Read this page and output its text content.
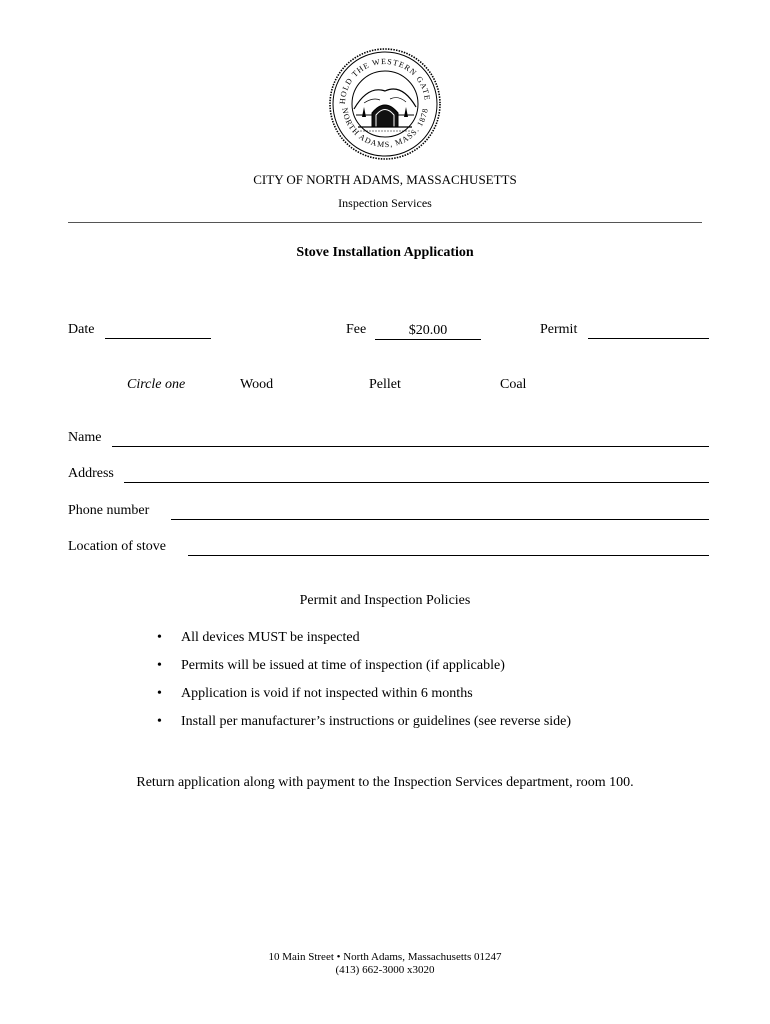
HOLD THE WESTERN GATE
NORTH ADAMS, MASS. 1878
CITY OF NORTH ADAMS, MASSACHUSETTS
Inspection Services
Stove Installation Application
Date	Fee	$20.00	Permit
Circle one	Wood	Pellet	Coal
Name
Address
Phone number
Location of stove
Permit and Inspection Policies
• All devices MUST be inspected
• Permits will be issued at time of inspection (if applicable)
• Application is void if not inspected within 6 months
• Install per manufacturer’s instructions or guidelines (see reverse side)
Return application along with payment to the Inspection Services department, room 100.
10 Main Street • North Adams, Massachusetts 01247
(413) 662-3000 x3020
